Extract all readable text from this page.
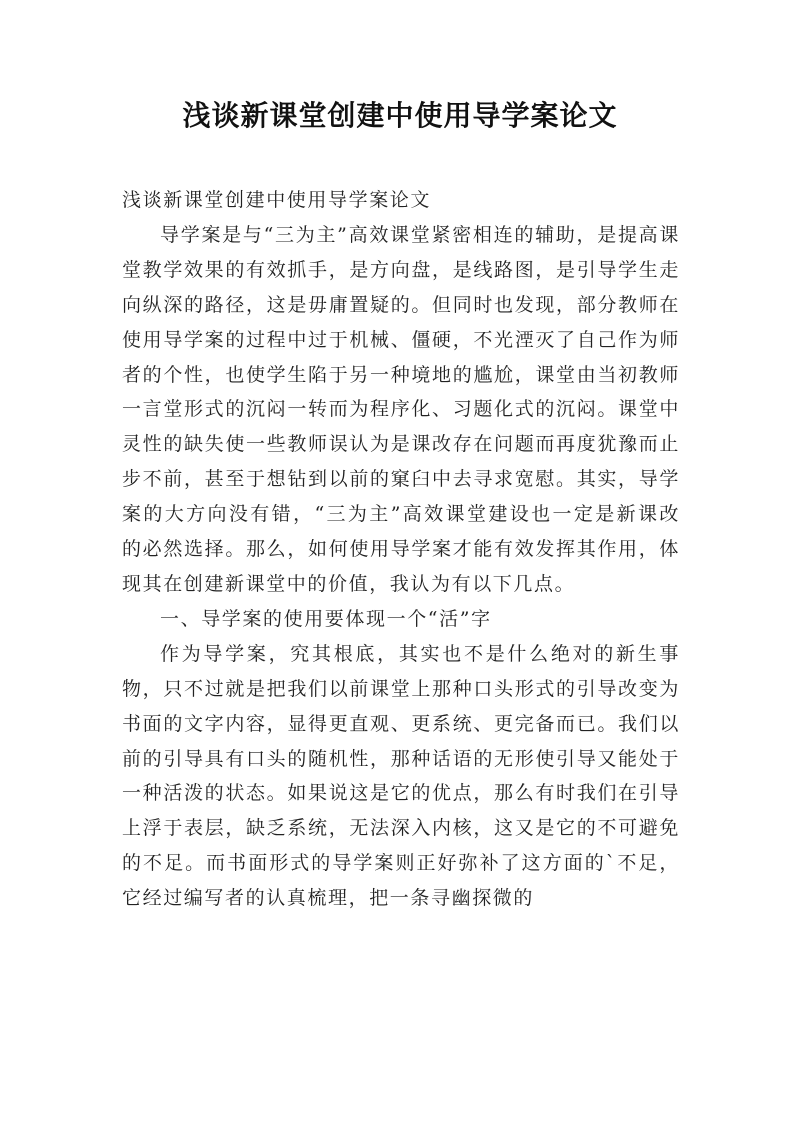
浅谈新课堂创建中使用导学案论文

浅谈新课堂创建中使用导学案论文

导学案是与“三为主”高效课堂紧密相连的辅助，是提高课堂教学效果的有效抓手，是方向盘，是线路图，是引导学生走向纵深的路径，这是毋庸置疑的。但同时也发现，部分教师在使用导学案的过程中过于机械、僵硬，不光湮灭了自己作为师者的个性，也使学生陷于另一种境地的尴尬，课堂由当初教师一言堂形式的沉闷一转而为程序化、习题化式的沉闷。课堂中灵性的缺失使一些教师误认为是课改存在问题而再度犹豫而止步不前，甚至于想钻到以前的窠臼中去寻求宽慰。其实，导学案的大方向没有错，“三为主”高效课堂建设也一定是新课改的必然选择。那么，如何使用导学案才能有效发挥其作用，体现其在创建新课堂中的价值，我认为有以下几点。

一、导学案的使用要体现一个“活”字

作为导学案，究其根底，其实也不是什么绝对的新生事物，只不过就是把我们以前课堂上那种口头形式的引导改变为书面的文字内容，显得更直观、更系统、更完备而已。我们以前的引导具有口头的随机性，那种话语的无形使引导又能处于一种活泼的状态。如果说这是它的优点，那么有时我们在引导上浮于表层，缺乏系统，无法深入内核，这又是它的不可避免的不足。而书面形式的导学案则正好弥补了这方面的`不足，它经过编写者的认真梳理，把一条寻幽探微的
